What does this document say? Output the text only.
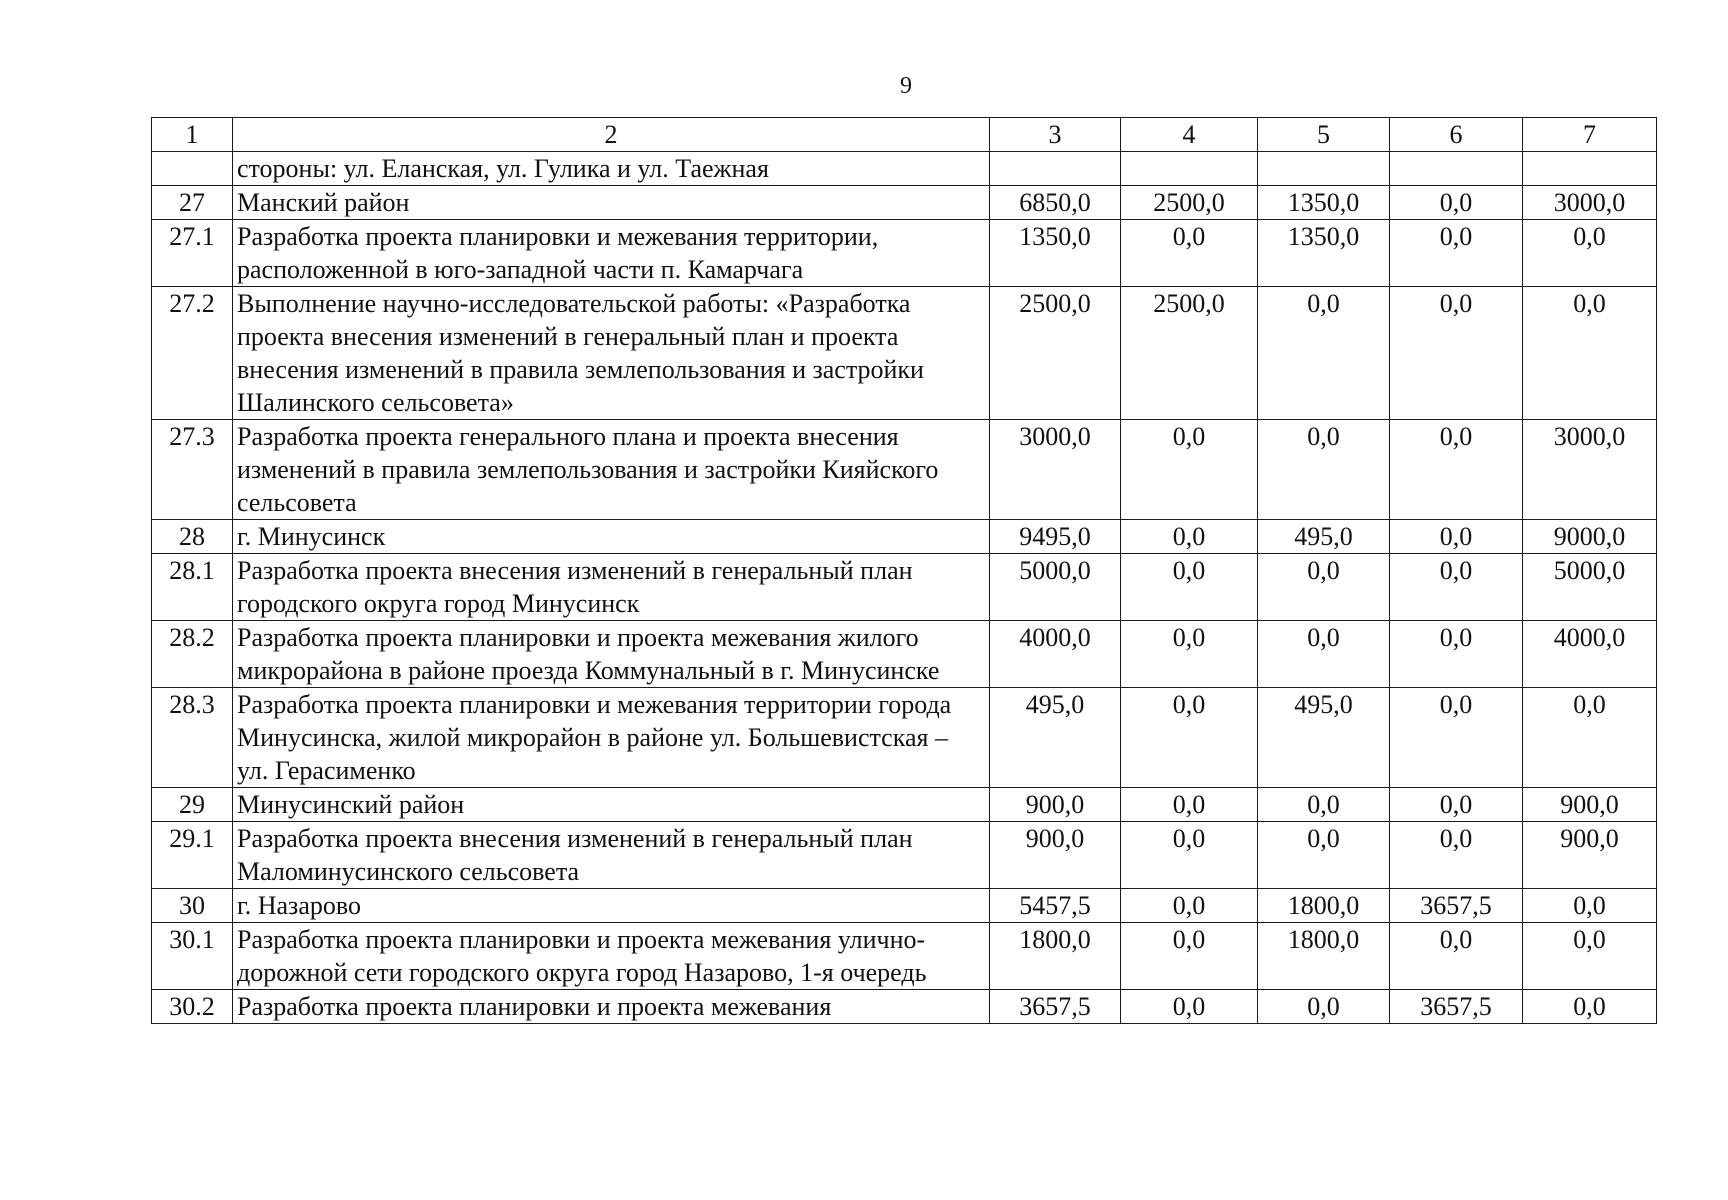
9
1	2	3	4	5	6	7
	стороны: ул. Еланская, ул. Гулика и ул. Таежная					
27	Манский район	6850,0	2500,0	1350,0	0,0	3000,0
27.1	Разработка проекта планировки и межевания территории, расположенной в юго-западной части п. Камарчага	1350,0	0,0	1350,0	0,0	0,0
27.2	Выполнение научно-исследовательской работы: «Разработка проекта внесения изменений в генеральный план и проекта внесения изменений в правила землепользования и застройки Шалинского сельсовета»	2500,0	2500,0	0,0	0,0	0,0
27.3	Разработка проекта генерального плана и проекта внесения изменений в правила землепользования и застройки Кияйского сельсовета	3000,0	0,0	0,0	0,0	3000,0
28	г. Минусинск	9495,0	0,0	495,0	0,0	9000,0
28.1	Разработка проекта внесения изменений в генеральный план городского округа город Минусинск	5000,0	0,0	0,0	0,0	5000,0
28.2	Разработка проекта планировки и проекта межевания жилого микрорайона в районе проезда Коммунальный в г. Минусинске	4000,0	0,0	0,0	0,0	4000,0
28.3	Разработка проекта планировки и межевания территории города Минусинска, жилой микрорайон в районе ул. Большевистская – ул. Герасименко	495,0	0,0	495,0	0,0	0,0
29	Минусинский район	900,0	0,0	0,0	0,0	900,0
29.1	Разработка проекта внесения изменений в генеральный план Маломинусинского сельсовета	900,0	0,0	0,0	0,0	900,0
30	г. Назарово	5457,5	0,0	1800,0	3657,5	0,0
30.1	Разработка проекта планировки и проекта межевания улично-дорожной сети городского округа город Назарово, 1-я очередь	1800,0	0,0	1800,0	0,0	0,0
30.2	Разработка проекта планировки и проекта межевания	3657,5	0,0	0,0	3657,5	0,0
